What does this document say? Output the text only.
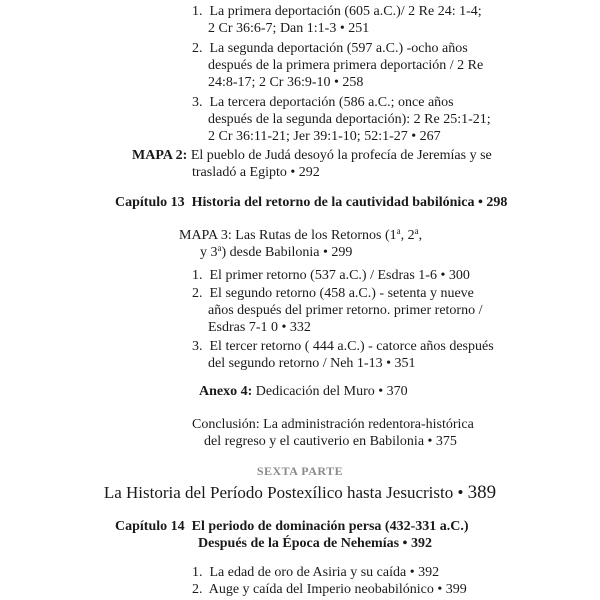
1. La primera deportación (605 a.C.)/ 2 Re 24: 1-4;
2 Cr 36:6-7; Dan 1:1-3 • 251
2. La segunda deportación (597 a.C.) -ocho años
después de la primera primera deportación / 2 Re
24:8-17; 2 Cr 36:9-10 • 258
3. La tercera deportación (586 a.C.; once años
después de la segunda deportación): 2 Re 25:1-21;
2 Cr 36:11-21; Jer 39:1-10; 52:1-27 • 267
MAPA 2: El pueblo de Judá desoyó la profecía de Jeremías y se
trasladó a Egipto • 292
Capítulo 13 Historia del retorno de la cautividad babilónica • 298
MAPA 3: Las Rutas de los Retornos (1$^a$, 2$^a$,
y 3$^a$) desde Babilonia • 299
1. El primer retorno (537 a.C.) / Esdras 1-6 • 300
2. El segundo retorno (458 a.C.) - setenta y nueve
años después del primer retorno. primer retorno /
Esdras 7-1 0 • 332
3. El tercer retorno ( 444 a.C.) - catorce años después
del segundo retorno / Neh 1-13 • 351
Anexo 4: Dedicación del Muro • 370
Conclusión: La administración redentora-histórica
del regreso y el cautiverio en Babilonia • 375
SEXTA PARTE
La Historia del Período Postexílico hasta Jesucristo • 389
Capítulo 14 El periodo de dominación persa (432-331 a.C.)
Después de la Época de Nehemías • 392
1. La edad de oro de Asiria y su caída • 392
2. Auge y caída del Imperio neobabilónico • 399
